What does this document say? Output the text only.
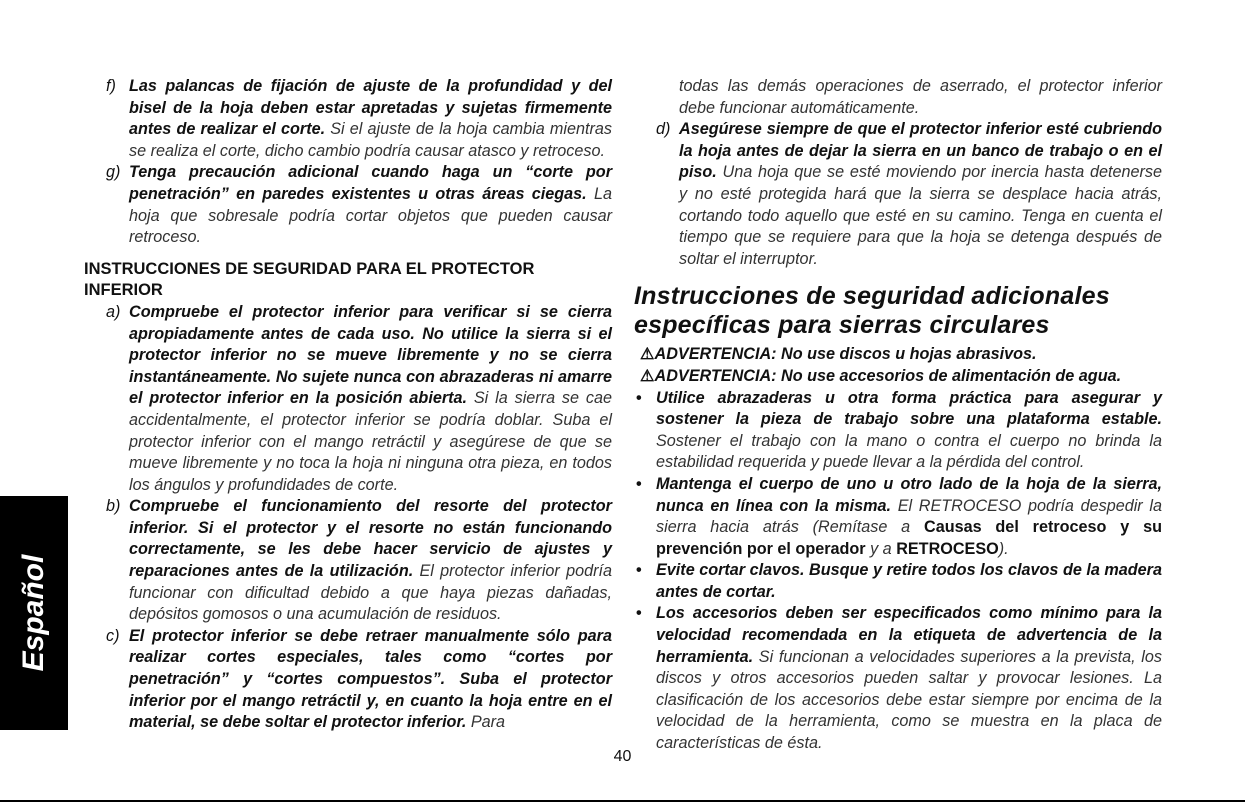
f) Las palancas de fijación de ajuste de la profundidad y del bisel de la hoja deben estar apretadas y sujetas firmemente antes de realizar el corte. Si el ajuste de la hoja cambia mientras se realiza el corte, dicho cambio podría causar atasco y retroceso.
g) Tenga precaución adicional cuando haga un “corte por penetración” en paredes existentes u otras áreas ciegas. La hoja que sobresale podría cortar objetos que pueden causar retroceso.
INSTRUCCIONES DE SEGURIDAD PARA EL PROTECTOR INFERIOR
a) Compruebe el protector inferior para verificar si se cierra apropiadamente antes de cada uso. No utilice la sierra si el protector inferior no se mueve libremente y no se cierra instantáneamente. No sujete nunca con abrazaderas ni amarre el protector inferior en la posición abierta. Si la sierra se cae accidentalmente, el protector inferior se podría doblar. Suba el protector inferior con el mango retráctil y asegúrese de que se mueve libremente y no toca la hoja ni ninguna otra pieza, en todos los ángulos y profundidades de corte.
b) Compruebe el funcionamiento del resorte del protector inferior. Si el protector y el resorte no están funcionando correctamente, se les debe hacer servicio de ajustes y reparaciones antes de la utilización. El protector inferior podría funcionar con dificultad debido a que haya piezas dañadas, depósitos gomosos o una acumulación de residuos.
c) El protector inferior se debe retraer manualmente sólo para realizar cortes especiales, tales como “cortes por penetración” y “cortes compuestos”. Suba el protector inferior por el mango retráctil y, en cuanto la hoja entre en el material, se debe soltar el protector inferior. Para
todas las demás operaciones de aserrado, el protector inferior debe funcionar automáticamente.
d) Asegúrese siempre de que el protector inferior esté cubriendo la hoja antes de dejar la sierra en un banco de trabajo o en el piso. Una hoja que se esté moviendo por inercia hasta detenerse y no esté protegida hará que la sierra se desplace hacia atrás, cortando todo aquello que esté en su camino. Tenga en cuenta el tiempo que se requiere para que la hoja se detenga después de soltar el interruptor.
Instrucciones de seguridad adicionales específicas para sierras circulares
⚠ADVERTENCIA: No use discos u hojas abrasivos.
⚠ADVERTENCIA: No use accesorios de alimentación de agua.
• Utilice abrazaderas u otra forma práctica para asegurar y sostener la pieza de trabajo sobre una plataforma estable. Sostener el trabajo con la mano o contra el cuerpo no brinda la estabilidad requerida y puede llevar a la pérdida del control.
• Mantenga el cuerpo de uno u otro lado de la hoja de la sierra, nunca en línea con la misma. El RETROCESO podría despedir la sierra hacia atrás (Remítase a Causas del retroceso y su prevención por el operador y a RETROCESO).
• Evite cortar clavos. Busque y retire todos los clavos de la madera antes de cortar.
• Los accesorios deben ser especificados como mínimo para la velocidad recomendada en la etiqueta de advertencia de la herramienta. Si funcionan a velocidades superiores a la prevista, los discos y otros accesorios pueden saltar y provocar lesiones. La clasificación de los accesorios debe estar siempre por encima de la velocidad de la herramienta, como se muestra en la placa de características de ésta.
Español
40
